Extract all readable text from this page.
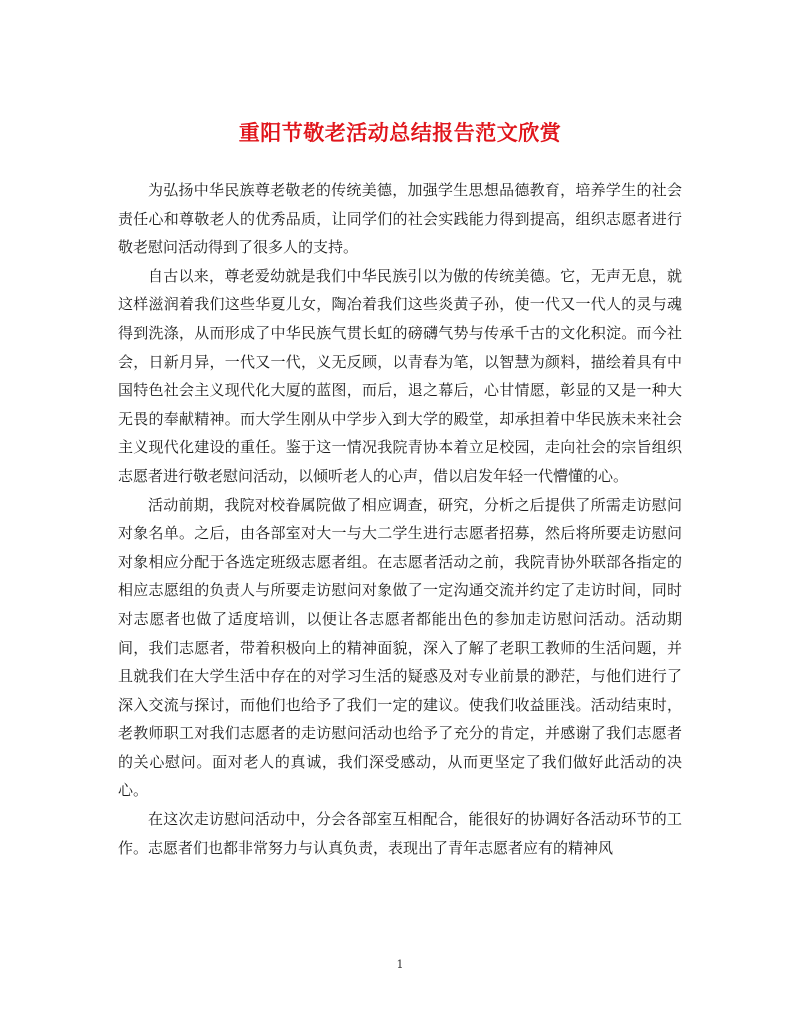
重阳节敬老活动总结报告范文欣赏

为弘扬中华民族尊老敬老的传统美德，加强学生思想品德教育，培养学生的社会责任心和尊敬老人的优秀品质，让同学们的社会实践能力得到提高，组织志愿者进行敬老慰问活动得到了很多人的支持。

自古以来，尊老爱幼就是我们中华民族引以为傲的传统美德。它，无声无息，就这样滋润着我们这些华夏儿女，陶冶着我们这些炎黄子孙，使一代又一代人的灵与魂得到洗涤，从而形成了中华民族气贯长虹的磅礴气势与传承千古的文化积淀。而今社会，日新月异，一代又一代，义无反顾，以青春为笔，以智慧为颜料，描绘着具有中国特色社会主义现代化大厦的蓝图，而后，退之幕后，心甘情愿，彰显的又是一种大无畏的奉献精神。而大学生刚从中学步入到大学的殿堂，却承担着中华民族未来社会主义现代化建设的重任。鉴于这一情况我院青协本着立足校园，走向社会的宗旨组织志愿者进行敬老慰问活动，以倾听老人的心声，借以启发年轻一代懵懂的心。

活动前期，我院对校眷属院做了相应调查，研究，分析之后提供了所需走访慰问对象名单。之后，由各部室对大一与大二学生进行志愿者招募，然后将所要走访慰问对象相应分配于各选定班级志愿者组。在志愿者活动之前，我院青协外联部各指定的相应志愿组的负责人与所要走访慰问对象做了一定沟通交流并约定了走访时间，同时对志愿者也做了适度培训，以便让各志愿者都能出色的参加走访慰问活动。活动期间，我们志愿者，带着积极向上的精神面貌，深入了解了老职工教师的生活问题，并且就我们在大学生活中存在的对学习生活的疑惑及对专业前景的渺茫，与他们进行了深入交流与探讨，而他们也给予了我们一定的建议。使我们收益匪浅。活动结束时，老教师职工对我们志愿者的走访慰问活动也给予了充分的肯定，并感谢了我们志愿者的关心慰问。面对老人的真诚，我们深受感动，从而更坚定了我们做好此活动的决心。

在这次走访慰问活动中，分会各部室互相配合，能很好的协调好各活动环节的工作。志愿者们也都非常努力与认真负责，表现出了青年志愿者应有的精神风

1
